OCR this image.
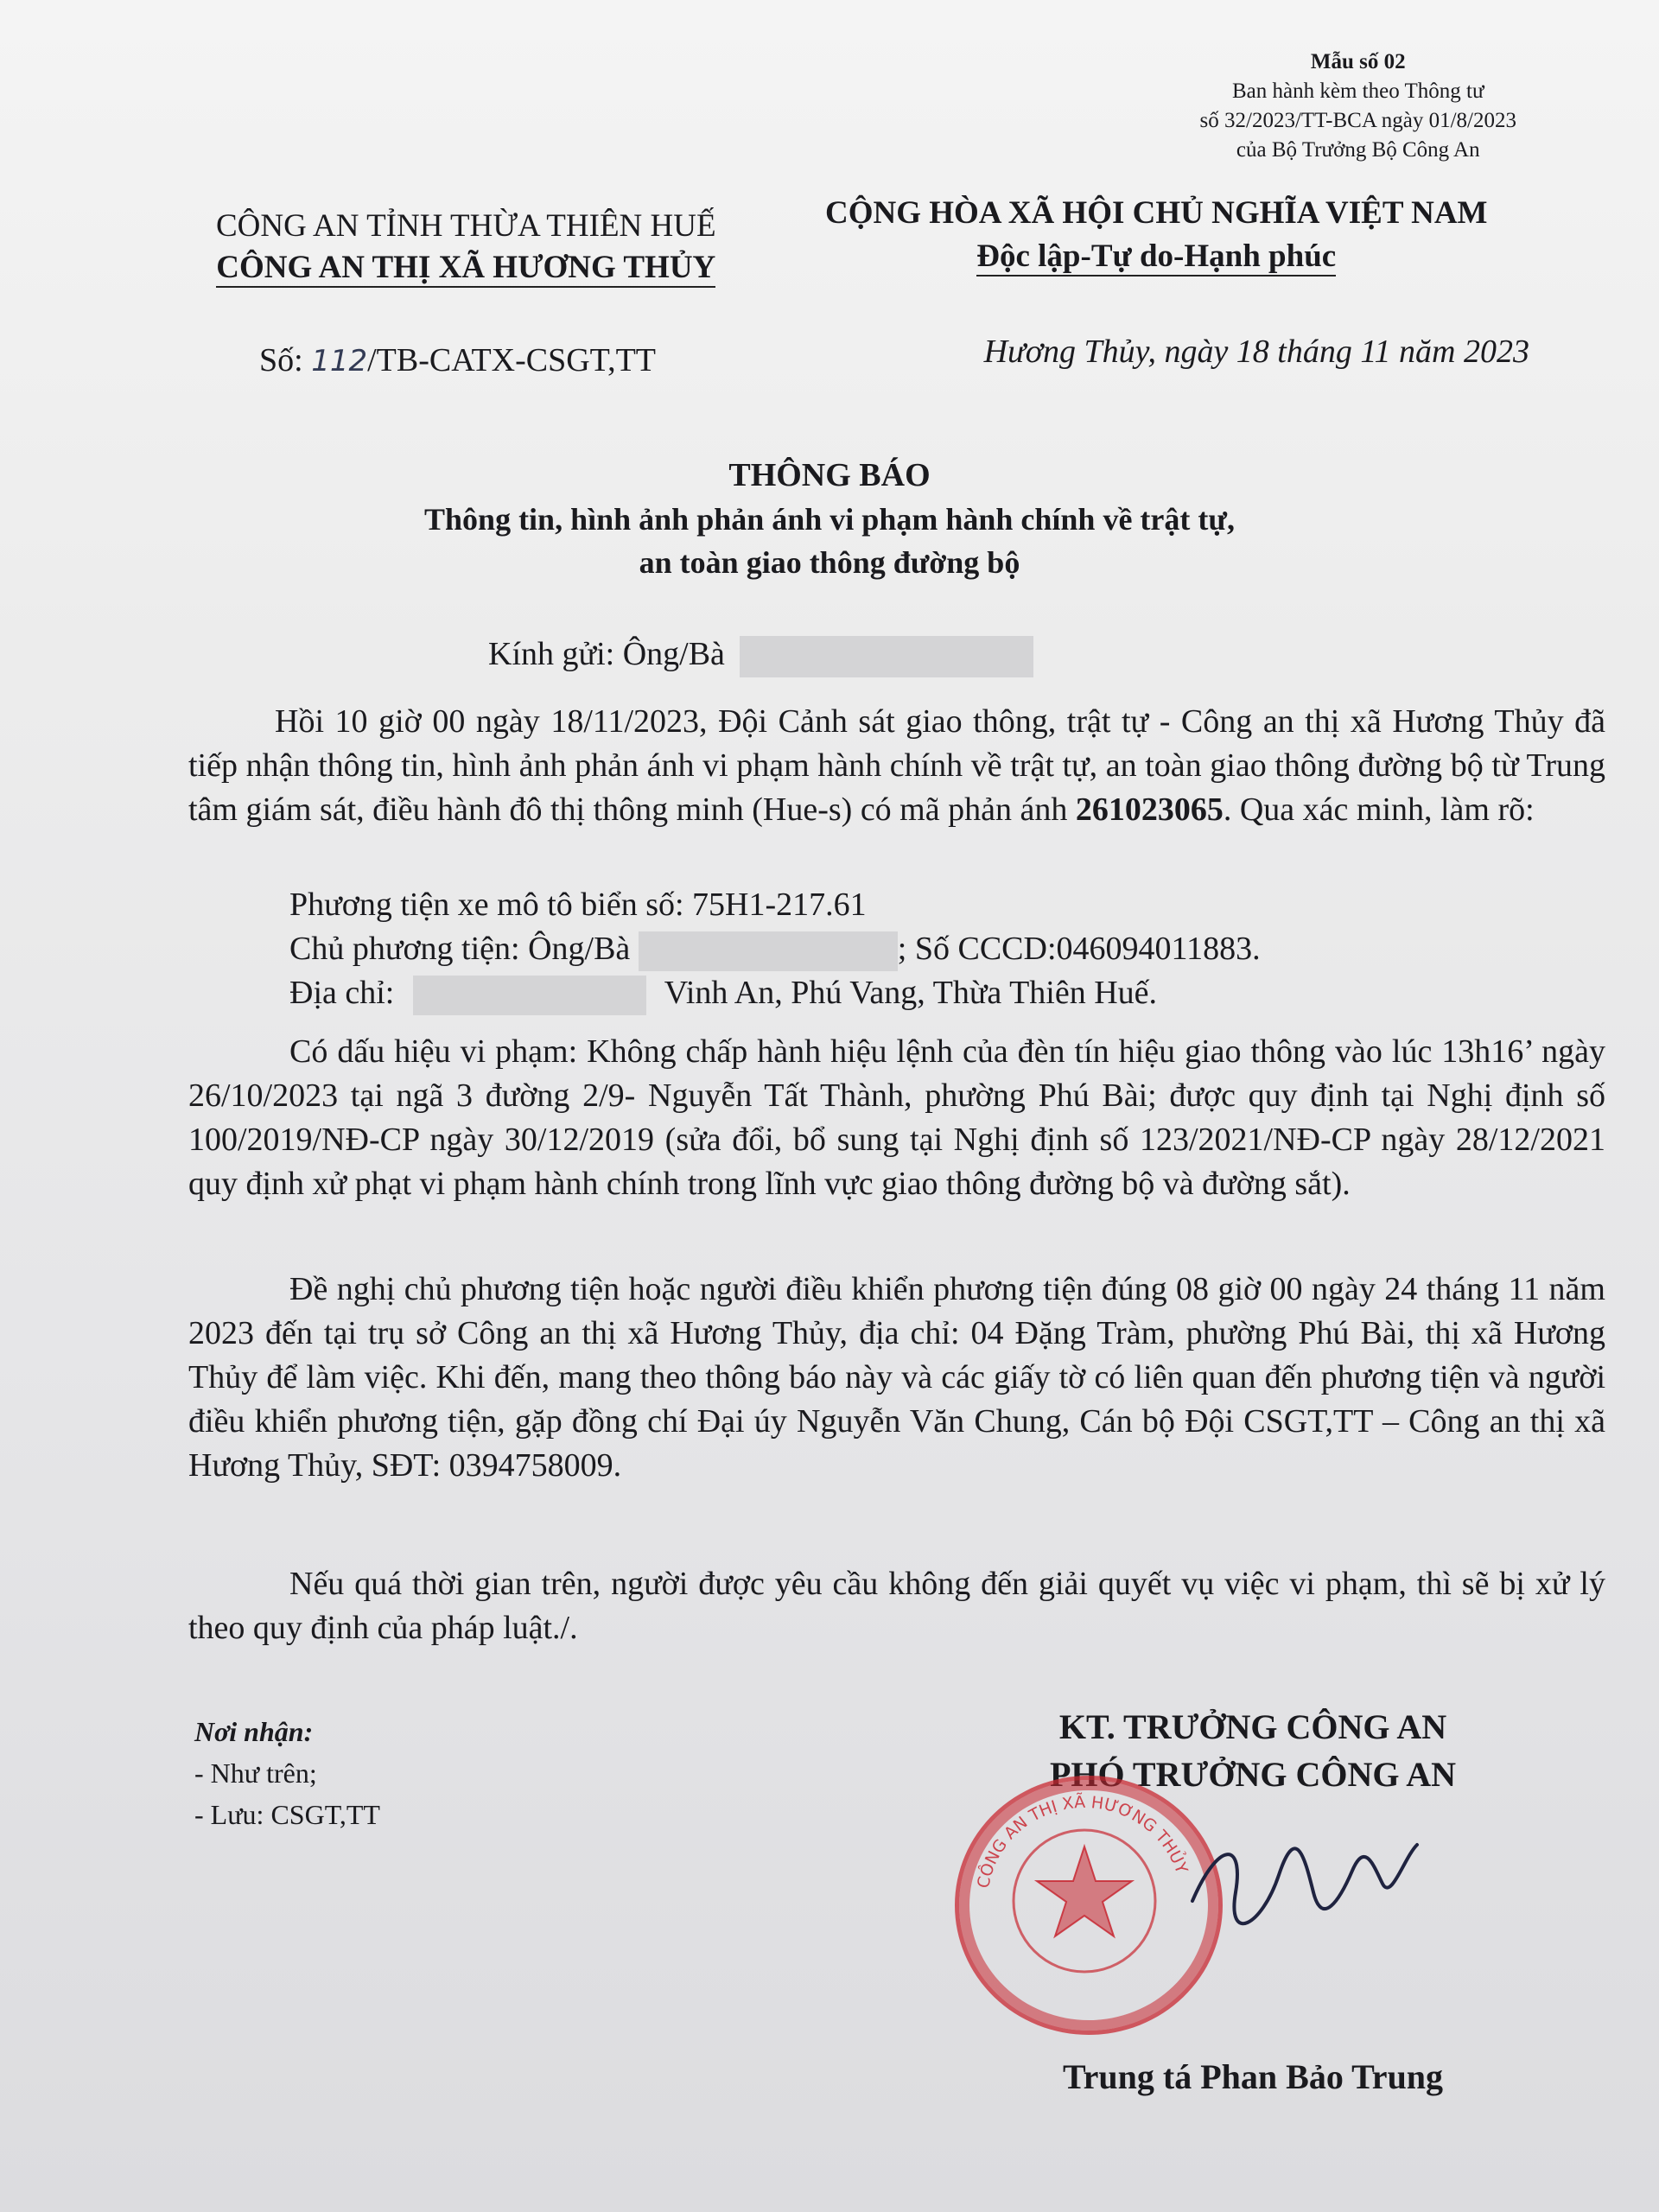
Mẫu số 02
Ban hành kèm theo Thông tư
số 32/2023/TT-BCA ngày 01/8/2023
của Bộ Trưởng Bộ Công An
CÔNG AN TỈNH THỪA THIÊN HUẾ
CÔNG AN THỊ XÃ HƯƠNG THỦY
CỘNG HÒA XÃ HỘI CHỦ NGHĨA VIỆT NAM
Độc lập-Tự do-Hạnh phúc
Số: 112/TB-CATX-CSGT,TT	Hương Thủy, ngày 18 tháng 11 năm 2023
THÔNG BÁO
Thông tin, hình ảnh phản ánh vi phạm hành chính về trật tự,
an toàn giao thông đường bộ
Kính gửi: Ông/Bà
Hồi 10 giờ 00 ngày 18/11/2023, Đội Cảnh sát giao thông, trật tự - Công an thị xã Hương Thủy đã tiếp nhận thông tin, hình ảnh phản ánh vi phạm hành chính về trật tự, an toàn giao thông đường bộ từ Trung tâm giám sát, điều hành đô thị thông minh (Hue-s) có mã phản ánh 261023065. Qua xác minh, làm rõ:
Phương tiện xe mô tô biển số: 75H1-217.61
Chủ phương tiện: Ông/Bà	; Số CCCD:046094011883.
Địa chỉ:	Vinh An, Phú Vang, Thừa Thiên Huế.
Có dấu hiệu vi phạm: Không chấp hành hiệu lệnh của đèn tín hiệu giao thông vào lúc 13h16’ ngày 26/10/2023 tại ngã 3 đường 2/9- Nguyễn Tất Thành, phường Phú Bài; được quy định tại Nghị định số 100/2019/NĐ-CP ngày 30/12/2019 (sửa đổi, bổ sung tại Nghị định số 123/2021/NĐ-CP ngày 28/12/2021 quy định xử phạt vi phạm hành chính trong lĩnh vực giao thông đường bộ và đường sắt).
Đề nghị chủ phương tiện hoặc người điều khiển phương tiện đúng 08 giờ 00 ngày 24 tháng 11 năm 2023 đến tại trụ sở Công an thị xã Hương Thủy, địa chỉ: 04 Đặng Tràm, phường Phú Bài, thị xã Hương Thủy để làm việc. Khi đến, mang theo thông báo này và các giấy tờ có liên quan đến phương tiện và người điều khiển phương tiện, gặp đồng chí Đại úy Nguyễn Văn Chung, Cán bộ Đội CSGT,TT – Công an thị xã Hương Thủy, SĐT: 0394758009.
Nếu quá thời gian trên, người được yêu cầu không đến giải quyết vụ việc vi phạm, thì sẽ bị xử lý theo quy định của pháp luật./.
Nơi nhận:
- Như trên;
- Lưu: CSGT,TT
KT. TRƯỞNG CÔNG AN
PHÓ TRƯỞNG CÔNG AN
CÔNG AN THỊ XÃ HƯƠNG THỦY
Trung tá Phan Bảo Trung
